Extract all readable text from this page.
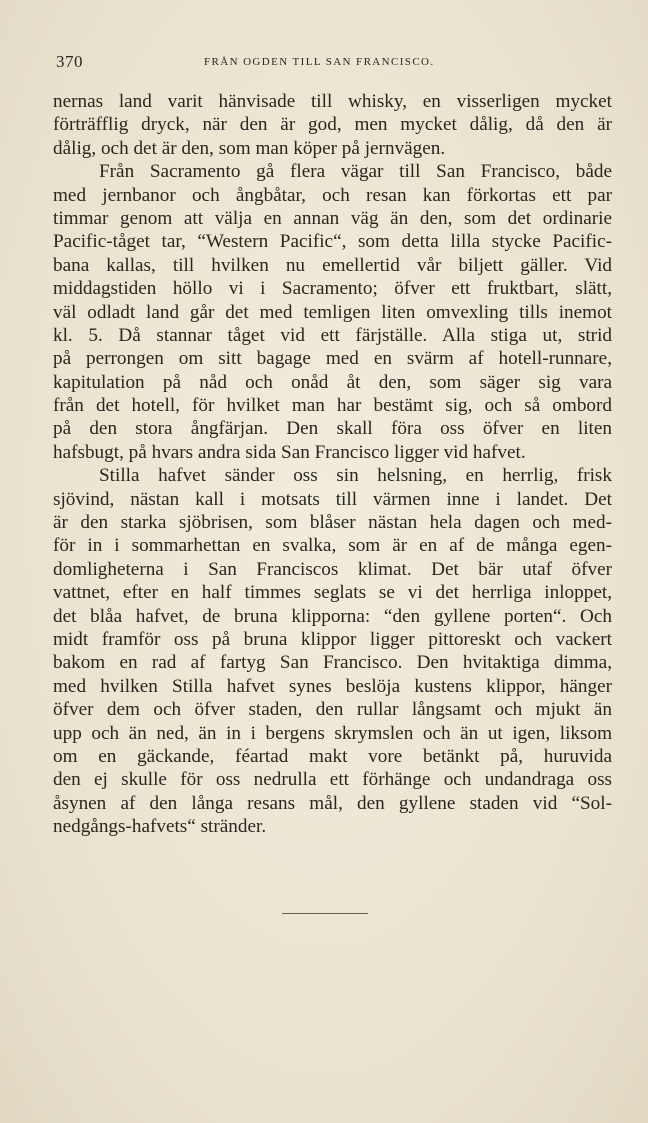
370	FRÅN OGDEN TILL SAN FRANCISCO.
nernas land varit hänvisade till whisky, en visserligen mycket
förträfflig dryck, när den är god, men mycket dålig, då den är
dålig, och det är den, som man köper på jernvägen.
Från Sacramento gå flera vägar till San Francisco, både
med jernbanor och ångbåtar, och resan kan förkortas ett par
timmar genom att välja en annan väg än den, som det ordinarie
Pacific-tåget tar, “Western Pacific“, som detta lilla stycke Pacific-
bana kallas, till hvilken nu emellertid vår biljett gäller. Vid
middagstiden höllo vi i Sacramento; öfver ett fruktbart, slätt,
väl odladt land går det med temligen liten omvexling tills inemot
kl. 5. Då stannar tåget vid ett färjställe. Alla stiga ut, strid
på perrongen om sitt bagage med en svärm af hotell-runnare,
kapitulation på nåd och onåd åt den, som säger sig vara
från det hotell, för hvilket man har bestämt sig, och så ombord
på den stora ångfärjan. Den skall föra oss öfver en liten
hafsbugt, på hvars andra sida San Francisco ligger vid hafvet.
Stilla hafvet sänder oss sin helsning, en herrlig, frisk
sjövind, nästan kall i motsats till värmen inne i landet. Det
är den starka sjöbrisen, som blåser nästan hela dagen och med-
för in i sommarhettan en svalka, som är en af de många egen-
domligheterna i San Franciscos klimat. Det bär utaf öfver
vattnet, efter en half timmes seglats se vi det herrliga inloppet,
det blåa hafvet, de bruna klipporna: “den gyllene porten“. Och
midt framför oss på bruna klippor ligger pittoreskt och vackert
bakom en rad af fartyg San Francisco. Den hvitaktiga dimma,
med hvilken Stilla hafvet synes beslöja kustens klippor, hänger
öfver dem och öfver staden, den rullar långsamt och mjukt än
upp och än ned, än in i bergens skrymslen och än ut igen, liksom
om en gäckande, féartad makt vore betänkt på, huruvida
den ej skulle för oss nedrulla ett förhänge och undandraga oss
åsynen af den långa resans mål, den gyllene staden vid “Sol-
nedgångs-hafvets“ stränder.
